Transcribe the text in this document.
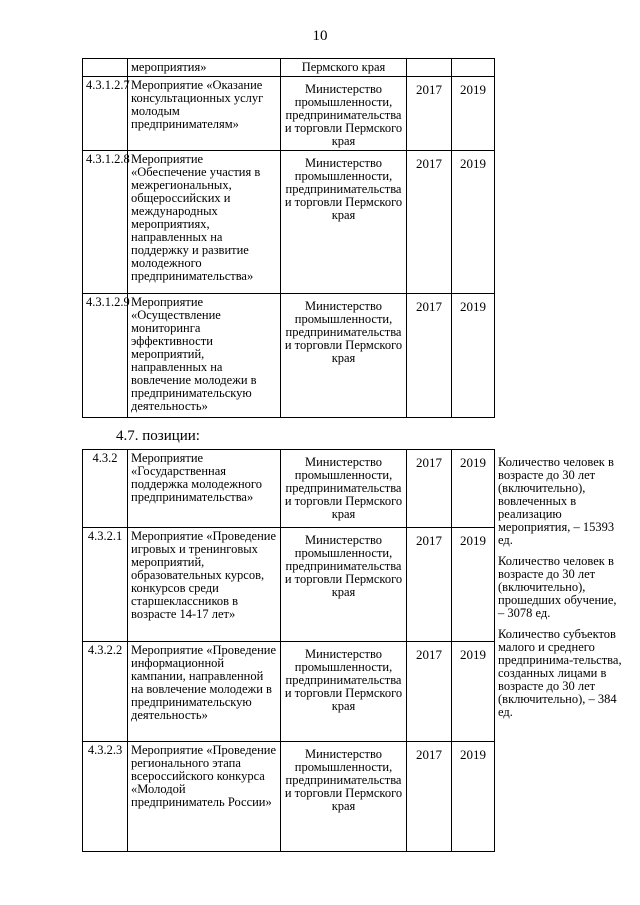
10
	мероприятия»	Пермского края			
4.3.1.2.7	Мероприятие «Оказание консультационных услуг молодым предпринимателям»	Министерство промышленности, предпринимательства и торговли Пермского края	2017	2019	
4.3.1.2.8	Мероприятие «Обеспечение участия в межрегиональных, общероссийских и международных мероприятиях, направленных на поддержку и развитие молодежного предпринимательства»	Министерство промышленности, предпринимательства и торговли Пермского края	2017	2019	
4.3.1.2.9	Мероприятие «Осуществление мониторинга эффективности мероприятий, направленных на вовлечение молодежи в предпринимательскую деятельность»	Министерство промышленности, предпринимательства и торговли Пермского края	2017	2019	
4.7. позиции:
4.3.2	Мероприятие «Государственная поддержка молодежного предпринимательства»	Министерство промышленности, предпринимательства и торговли Пермского края	2017	2019	Количество человек в возрасте до 30 лет (включительно), вовлеченных в реализацию мероприятия, – 15393 ед.
Количество человек в возрасте до 30 лет (включительно), прошедших обучение, – 3078 ед.
Количество субъектов малого и среднего предпринима-тельства, созданных лицами в возрасте до 30 лет (включительно), – 384 ед.

4.3.2.1	Мероприятие «Проведение игровых и тренинговых мероприятий, образовательных курсов, конкурсов среди старшеклассников в возрасте 14-17 лет»	Министерство промышленности, предпринимательства и торговли Пермского края	2017	2019	
4.3.2.2	Мероприятие «Проведение информационной кампании, направленной на вовлечение молодежи в предпринимательскую деятельность»	Министерство промышленности, предпринимательства и торговли Пермского края	2017	2019	
4.3.2.3	Мероприятие «Проведение регионального этапа всероссийского конкурса «Молодой предприниматель России»	Министерство промышленности, предпринимательства и торговли Пермского края	2017	2019	
